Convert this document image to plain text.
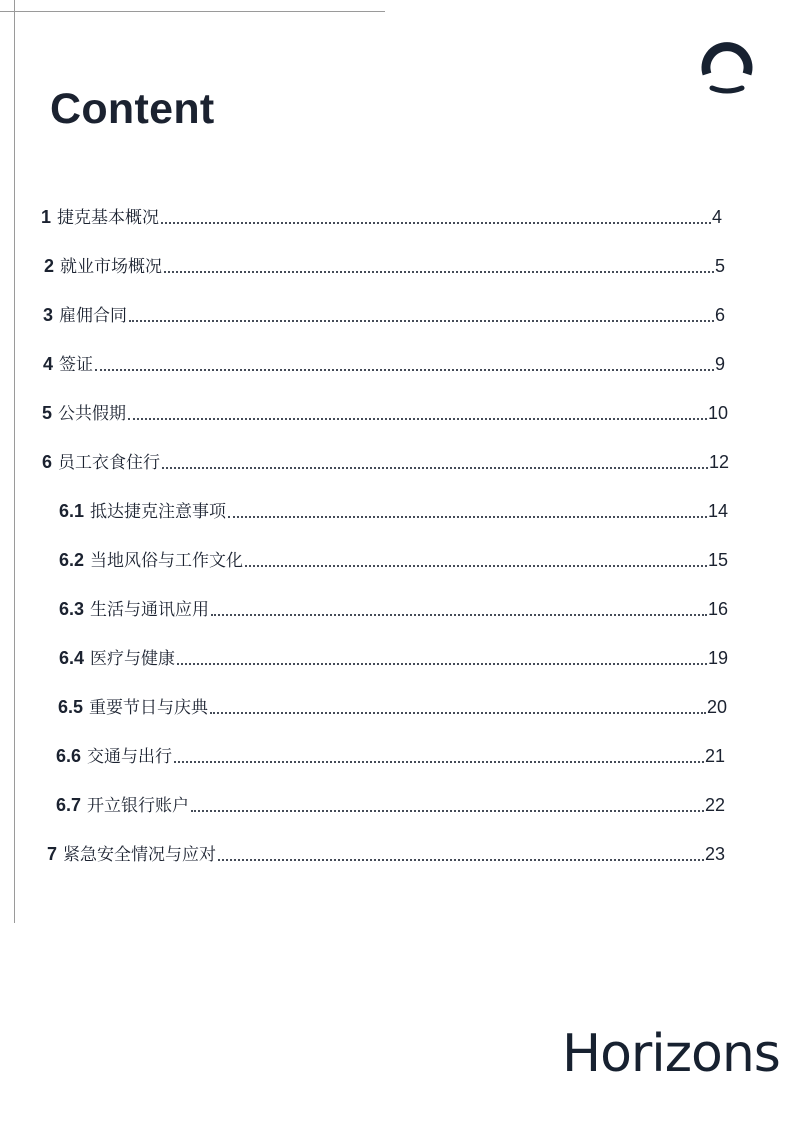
Content
1 捷克基本概况	4
2 就业市场概况	5
3 雇佣合同	6
4 签证	9
5 公共假期	10
6 员工衣食住行	12
6.1 抵达捷克注意事项	14
6.2 当地风俗与工作文化	15
6.3 生活与通讯应用	16
6.4 医疗与健康	19
6.5 重要节日与庆典	20
6.6 交通与出行	21
6.7 开立银行账户	22
7 紧急安全情况与应对	23
Horizons
